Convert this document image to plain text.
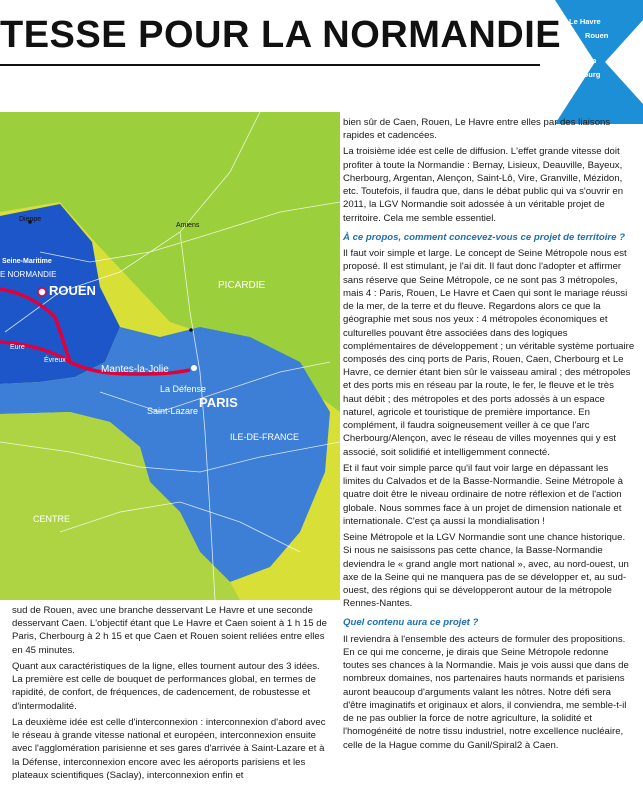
TESSE POUR LA NORMANDIE Le Havre
Rouen
Caen
Cherbourg
Dieppe
Seine-Maritime
E NORMANDIE
Amiens
PICARDIE
ROUEN
Eure
Évreux
Mantes-la-Jolie
La Défense
PARIS
Saint-Lazare
ILE-DE-FRANCE
CENTRE

bien sûr de Caen, Rouen, Le Havre entre elles par des liaisons rapides et cadencées.

La troisième idée est celle de diffusion. L'effet grande vitesse doit profiter à toute la Normandie : Bernay, Lisieux, Deauville, Bayeux, Cherbourg, Argentan, Alençon, Saint-Lô, Vire, Granville, Mézidon, etc. Toutefois, il faudra que, dans le débat public qui va s'ouvrir en 2011, la LGV Normandie soit adossée à un véritable projet de territoire. Cela me semble essentiel.

À ce propos, comment concevez-vous ce projet de territoire ?

Il faut voir simple et large. Le concept de Seine Métropole nous est proposé. Il est stimulant, je l'ai dit. Il faut donc l'adopter et affirmer sans réserve que Seine Métropole, ce ne sont pas 3 métropoles, mais 4 : Paris, Rouen, Le Havre et Caen qui sont le mariage réussi de la mer, de la terre et du fleuve. Regardons alors ce que la géographie met sous nos yeux : 4 métropoles économiques et culturelles pouvant être associées dans des logiques complémentaires de développement ; un véritable système portuaire composés des cinq ports de Paris, Rouen, Caen, Cherbourg et Le Havre, ce dernier étant bien sûr le vaisseau amiral ; des métropoles et des ports mis en réseau par la route, le fer, le fleuve et le très haut débit ; des métropoles et des ports adossés à un espace naturel, agricole et touristique de première importance. En complément, il faudra soigneusement veiller à ce que l'arc Cherbourg/Alençon, avec le réseau de villes moyennes qui y est associé, soit solidifié et intelligemment connecté.

Et il faut voir simple parce qu'il faut voir large en dépassant les limites du Calvados et de la Basse-Normandie. Seine Métropole à quatre doit être le niveau ordinaire de notre réflexion et de l'action globale. Nous sommes face à un projet de dimension nationale et internationale. C'est ça aussi la mondialisation !

Seine Métropole et la LGV Normandie sont une chance historique. Si nous ne saisissons pas cette chance, la Basse-Normandie deviendra le « grand angle mort national », avec, au nord-ouest, un axe de la Seine qui ne manquera pas de se développer et, au sud-ouest, des régions qui se développeront autour de la métropole Rennes-Nantes.

Quel contenu aura ce projet ?

Il reviendra à l'ensemble des acteurs de formuler des propositions. En ce qui me concerne, je dirais que Seine Métropole redonne toutes ses chances à la Normandie. Mais je vois aussi que dans de nombreux domaines, nos partenaires hauts normands et parisiens auront beaucoup d'arguments valant les nôtres. Notre défi sera d'être imaginatifs et originaux et alors, il conviendra, me semble-t-il de ne pas oublier la force de notre agriculture, la solidité et l'homogénéité de notre tissu industriel, notre excellence nucléaire, celle de la Hague comme du Ganil/Spiral2 à Caen.

sud de Rouen, avec une branche desservant Le Havre et une seconde desservant Caen. L'objectif étant que Le Havre et Caen soient à 1 h 15 de Paris, Cherbourg à 2 h 15 et que Caen et Rouen soient reliées entre elles en 45 minutes.

Quant aux caractéristiques de la ligne, elles tournent autour des 3 idées. La première est celle de bouquet de performances global, en termes de rapidité, de confort, de fréquences, de cadencement, de robustesse et d'intermodalité.

La deuxième idée est celle d'interconnexion : interconnexion d'abord avec le réseau à grande vitesse national et européen, interconnexion ensuite avec l'agglomération parisienne et ses gares d'arrivée à Saint-Lazare et à la Défense, interconnexion encore avec les aéroports parisiens et les plateaux scientifiques (Saclay), interconnexion enfin et
